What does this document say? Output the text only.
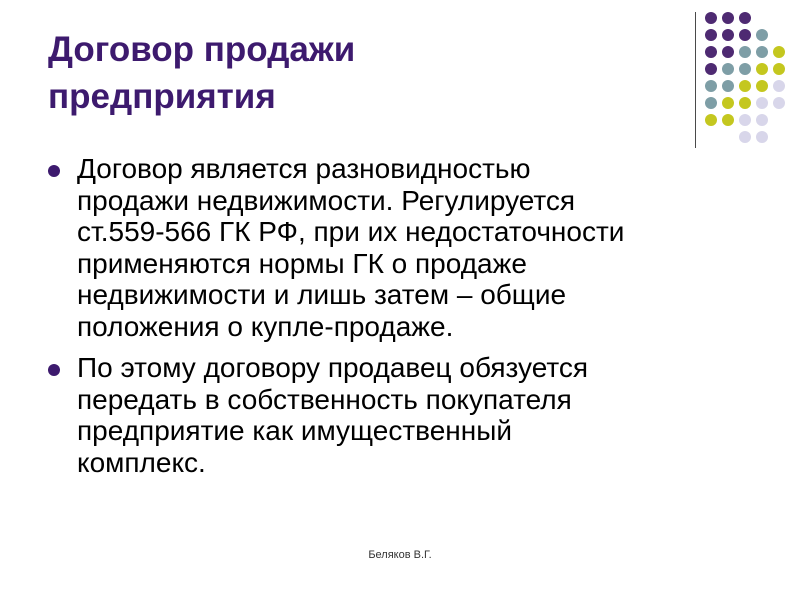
Договор продажи
предприятия
Договор является разновидностью
продажи недвижимости. Регулируется
ст.559-566 ГК РФ, при их недостаточности
применяются нормы ГК о продаже
недвижимости и лишь затем – общие
положения о купле-продаже.
По этому договору продавец обязуется
передать в собственность покупателя
предприятие как имущественный
комплекс.
Беляков В.Г.
